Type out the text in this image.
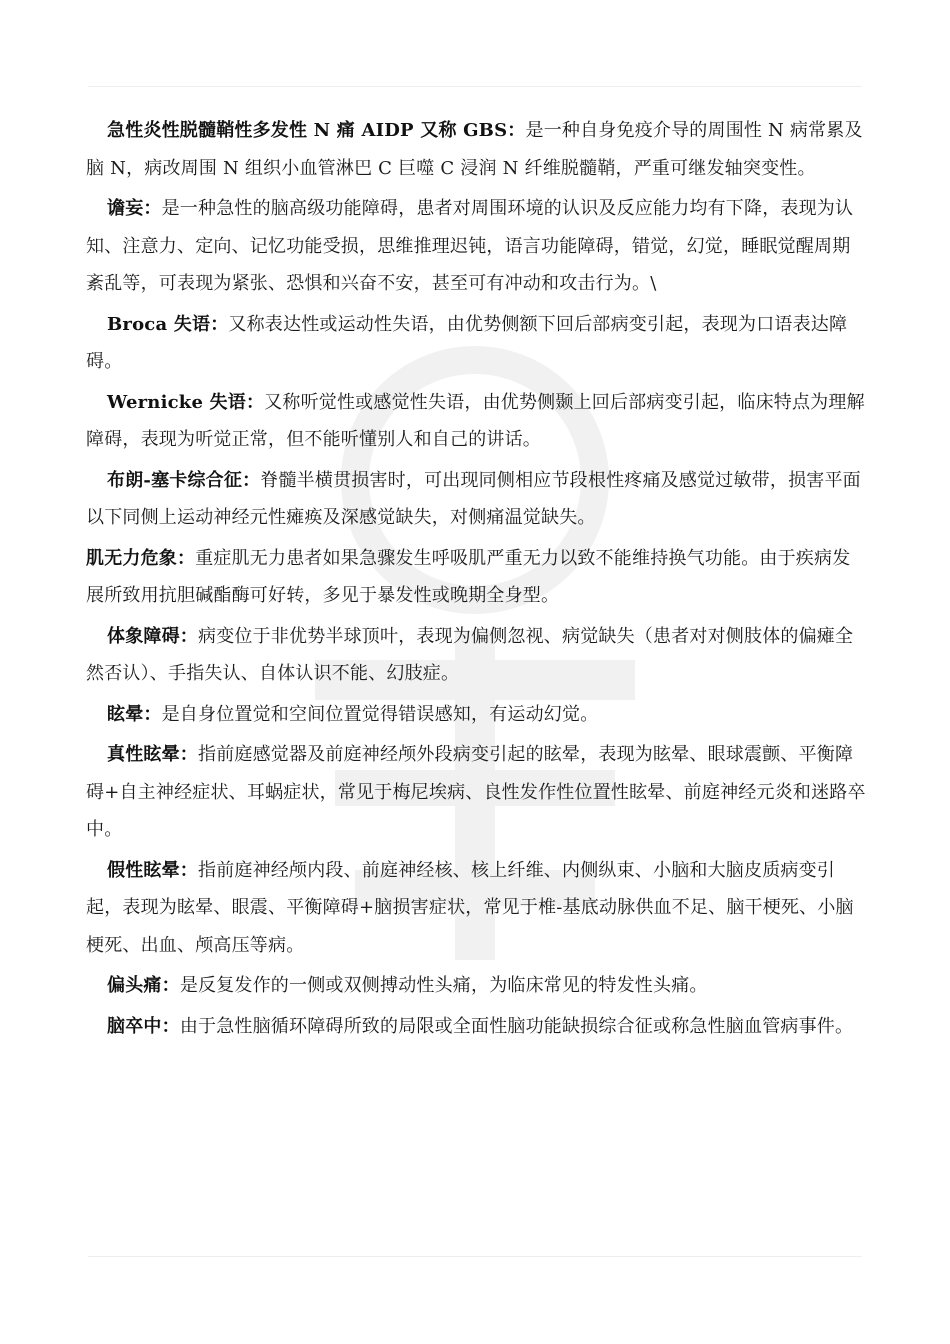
急性炎性脱髓鞘性多发性 N 痛 AIDP 又称 GBS：是一种自身免疫介导的周围性 N 病常累及脑 N，病改周围 N 组织小血管淋巴 C 巨噬 C 浸润 N 纤维脱髓鞘，严重可继发轴突变性。

谵妄：是一种急性的脑高级功能障碍，患者对周围环境的认识及反应能力均有下降，表现为认知、注意力、定向、记忆功能受损，思维推理迟钝，语言功能障碍，错觉，幻觉，睡眠觉醒周期紊乱等，可表现为紧张、恐惧和兴奋不安，甚至可有冲动和攻击行为。\

Broca 失语：又称表达性或运动性失语，由优势侧额下回后部病变引起，表现为口语表达障碍。

Wernicke 失语：又称听觉性或感觉性失语，由优势侧颞上回后部病变引起，临床特点为理解障碍，表现为听觉正常，但不能听懂别人和自己的讲话。

布朗-塞卡综合征：脊髓半横贯损害时，可出现同侧相应节段根性疼痛及感觉过敏带，损害平面以下同侧上运动神经元性瘫痪及深感觉缺失，对侧痛温觉缺失。

肌无力危象：重症肌无力患者如果急骤发生呼吸肌严重无力以致不能维持换气功能。由于疾病发展所致用抗胆碱酯酶可好转，多见于暴发性或晚期全身型。

体象障碍：病变位于非优势半球顶叶，表现为偏侧忽视、病觉缺失（患者对对侧肢体的偏瘫全然否认）、手指失认、自体认识不能、幻肢症。

眩晕：是自身位置觉和空间位置觉得错误感知，有运动幻觉。

真性眩晕：指前庭感觉器及前庭神经颅外段病变引起的眩晕，表现为眩晕、眼球震颤、平衡障碍+自主神经症状、耳蜗症状，常见于梅尼埃病、良性发作性位置性眩晕、前庭神经元炎和迷路卒中。

假性眩晕：指前庭神经颅内段、前庭神经核、核上纤维、内侧纵束、小脑和大脑皮质病变引起，表现为眩晕、眼震、平衡障碍+脑损害症状，常见于椎-基底动脉供血不足、脑干梗死、小脑梗死、出血、颅高压等病。

偏头痛：是反复发作的一侧或双侧搏动性头痛，为临床常见的特发性头痛。

脑卒中：由于急性脑循环障碍所致的局限或全面性脑功能缺损综合征或称急性脑血管病事件。
